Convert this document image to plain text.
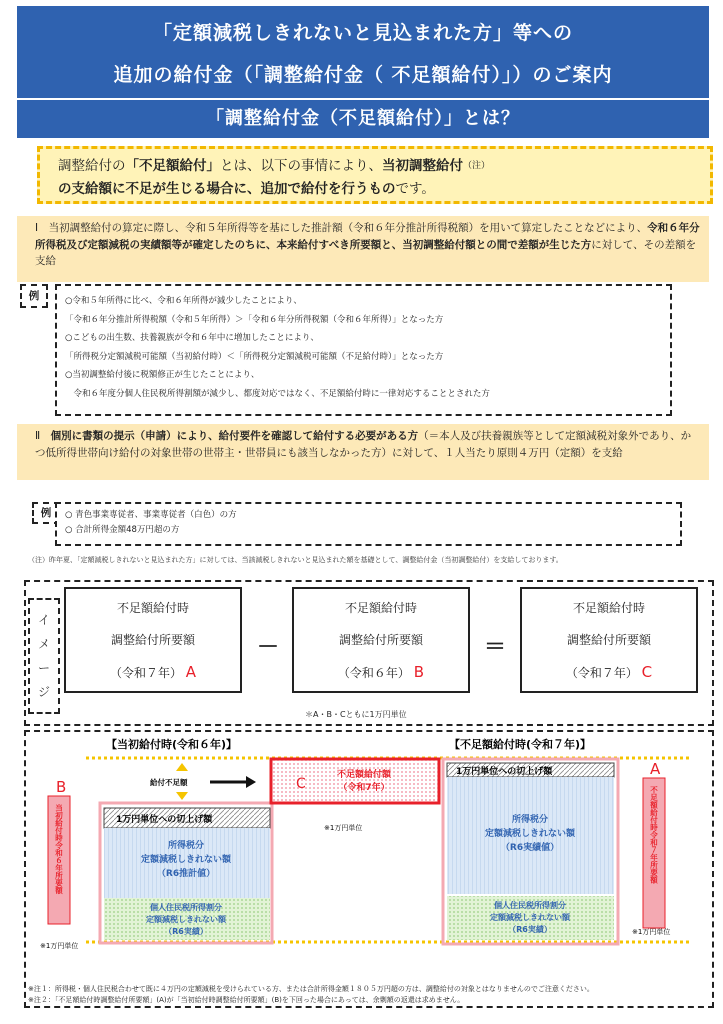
「定額減税しきれないと見込まれた方」等への
追加の給付金（「調整給付金（ 不足額給付）」）のご案内
「調整給付金（不足額給付）」とは？
調整給付の「不足額給付」とは、以下の事情により、当初調整給付$^{(注)}$
の支給額に不足が生じる場合に、追加で給付を行うものです。
Ⅰ　当初調整給付の算定に際し、令和５年所得等を基にした推計額（令和６年分推計所得税額）を用いて算定したことなどにより、令和６年分所得税及び定額減税の実績額等が確定したのちに、本来給付すべき所要額と、当初調整給付額との間で差額が生じた方に対して、その差額を支給
例	○令和５年所得に比べ、令和６年所得が減少したことにより、
「令和６年分推計所得税額（令和５年所得）＞「令和６年分所得税額（令和６年所得）」となった方
○こどもの出生数、扶養親族が令和６年中に増加したことにより、
「所得税分定額減税可能額（当初給付時）＜「所得税分定額減税可能額（不足給付時）」となった方
○当初調整給付後に税額修正が生じたことにより、
　令和６年度分個人住民税所得割額が減少し、都度対応ではなく、不足額給付時に一律対応することとされた方
Ⅱ　個別に書類の提示（申請）により、給付要件を確認して給付する必要がある方（＝本人及び扶養親族等として定額減税対象外であり、かつ低所得世帯向け給付の対象世帯の世帯主・世帯員にも該当しなかった方）に対して、１人当たり原則４万円（定額）を支給
例	○ 青色事業専従者、事業専従者（白色）の方
○ 合計所得金額48万円超の方
（注）昨年夏、「定額減税しきれないと見込まれた方」に対しては、当該減税しきれないと見込まれた額を基礎として、調整給付金（当初調整給付）を支給しております。
イ
メ
ー
ジ
不足額給付時
調整給付所要額
（令和７年） A
－
不足額給付時
調整給付所要額
（令和６年） B
＝
不足額給付時
調整給付所要額
（令和７年） C
＊A・B・Cともに1万円単位
【当初給付時(令和６年)】	【不足額給付時(令和７年)】
B
当初給付時令和６年所要額
※1万円単位
1万円単位への切上げ額
所得税分
定額減税しきれない額
（R6推計値）
個人住民税所得割分
定額減税しきれない額
（R6実績）
給付不足額	C
不足額給付額
（令和7年）
※1万円単位
1万円単位への切上げ額
所得税分
定額減税しきれない額
（R6実績値）
個人住民税所得割分
定額減税しきれない額
（R6実績）
A
不足額給付時令和７年所要額
※1万円単位
※注１：所得税・個人住民税合わせて既に４万円の定額減税を受けられている方、または合計所得金額１８０５万円超の方は、調整給付の対象とはなりませんのでご注意ください。
※注２：「不足額給付時調整給付所要額」(A)が「当初給付時調整給付所要額」(B)を下回った場合にあっては、余剰額の返還は求めません。
